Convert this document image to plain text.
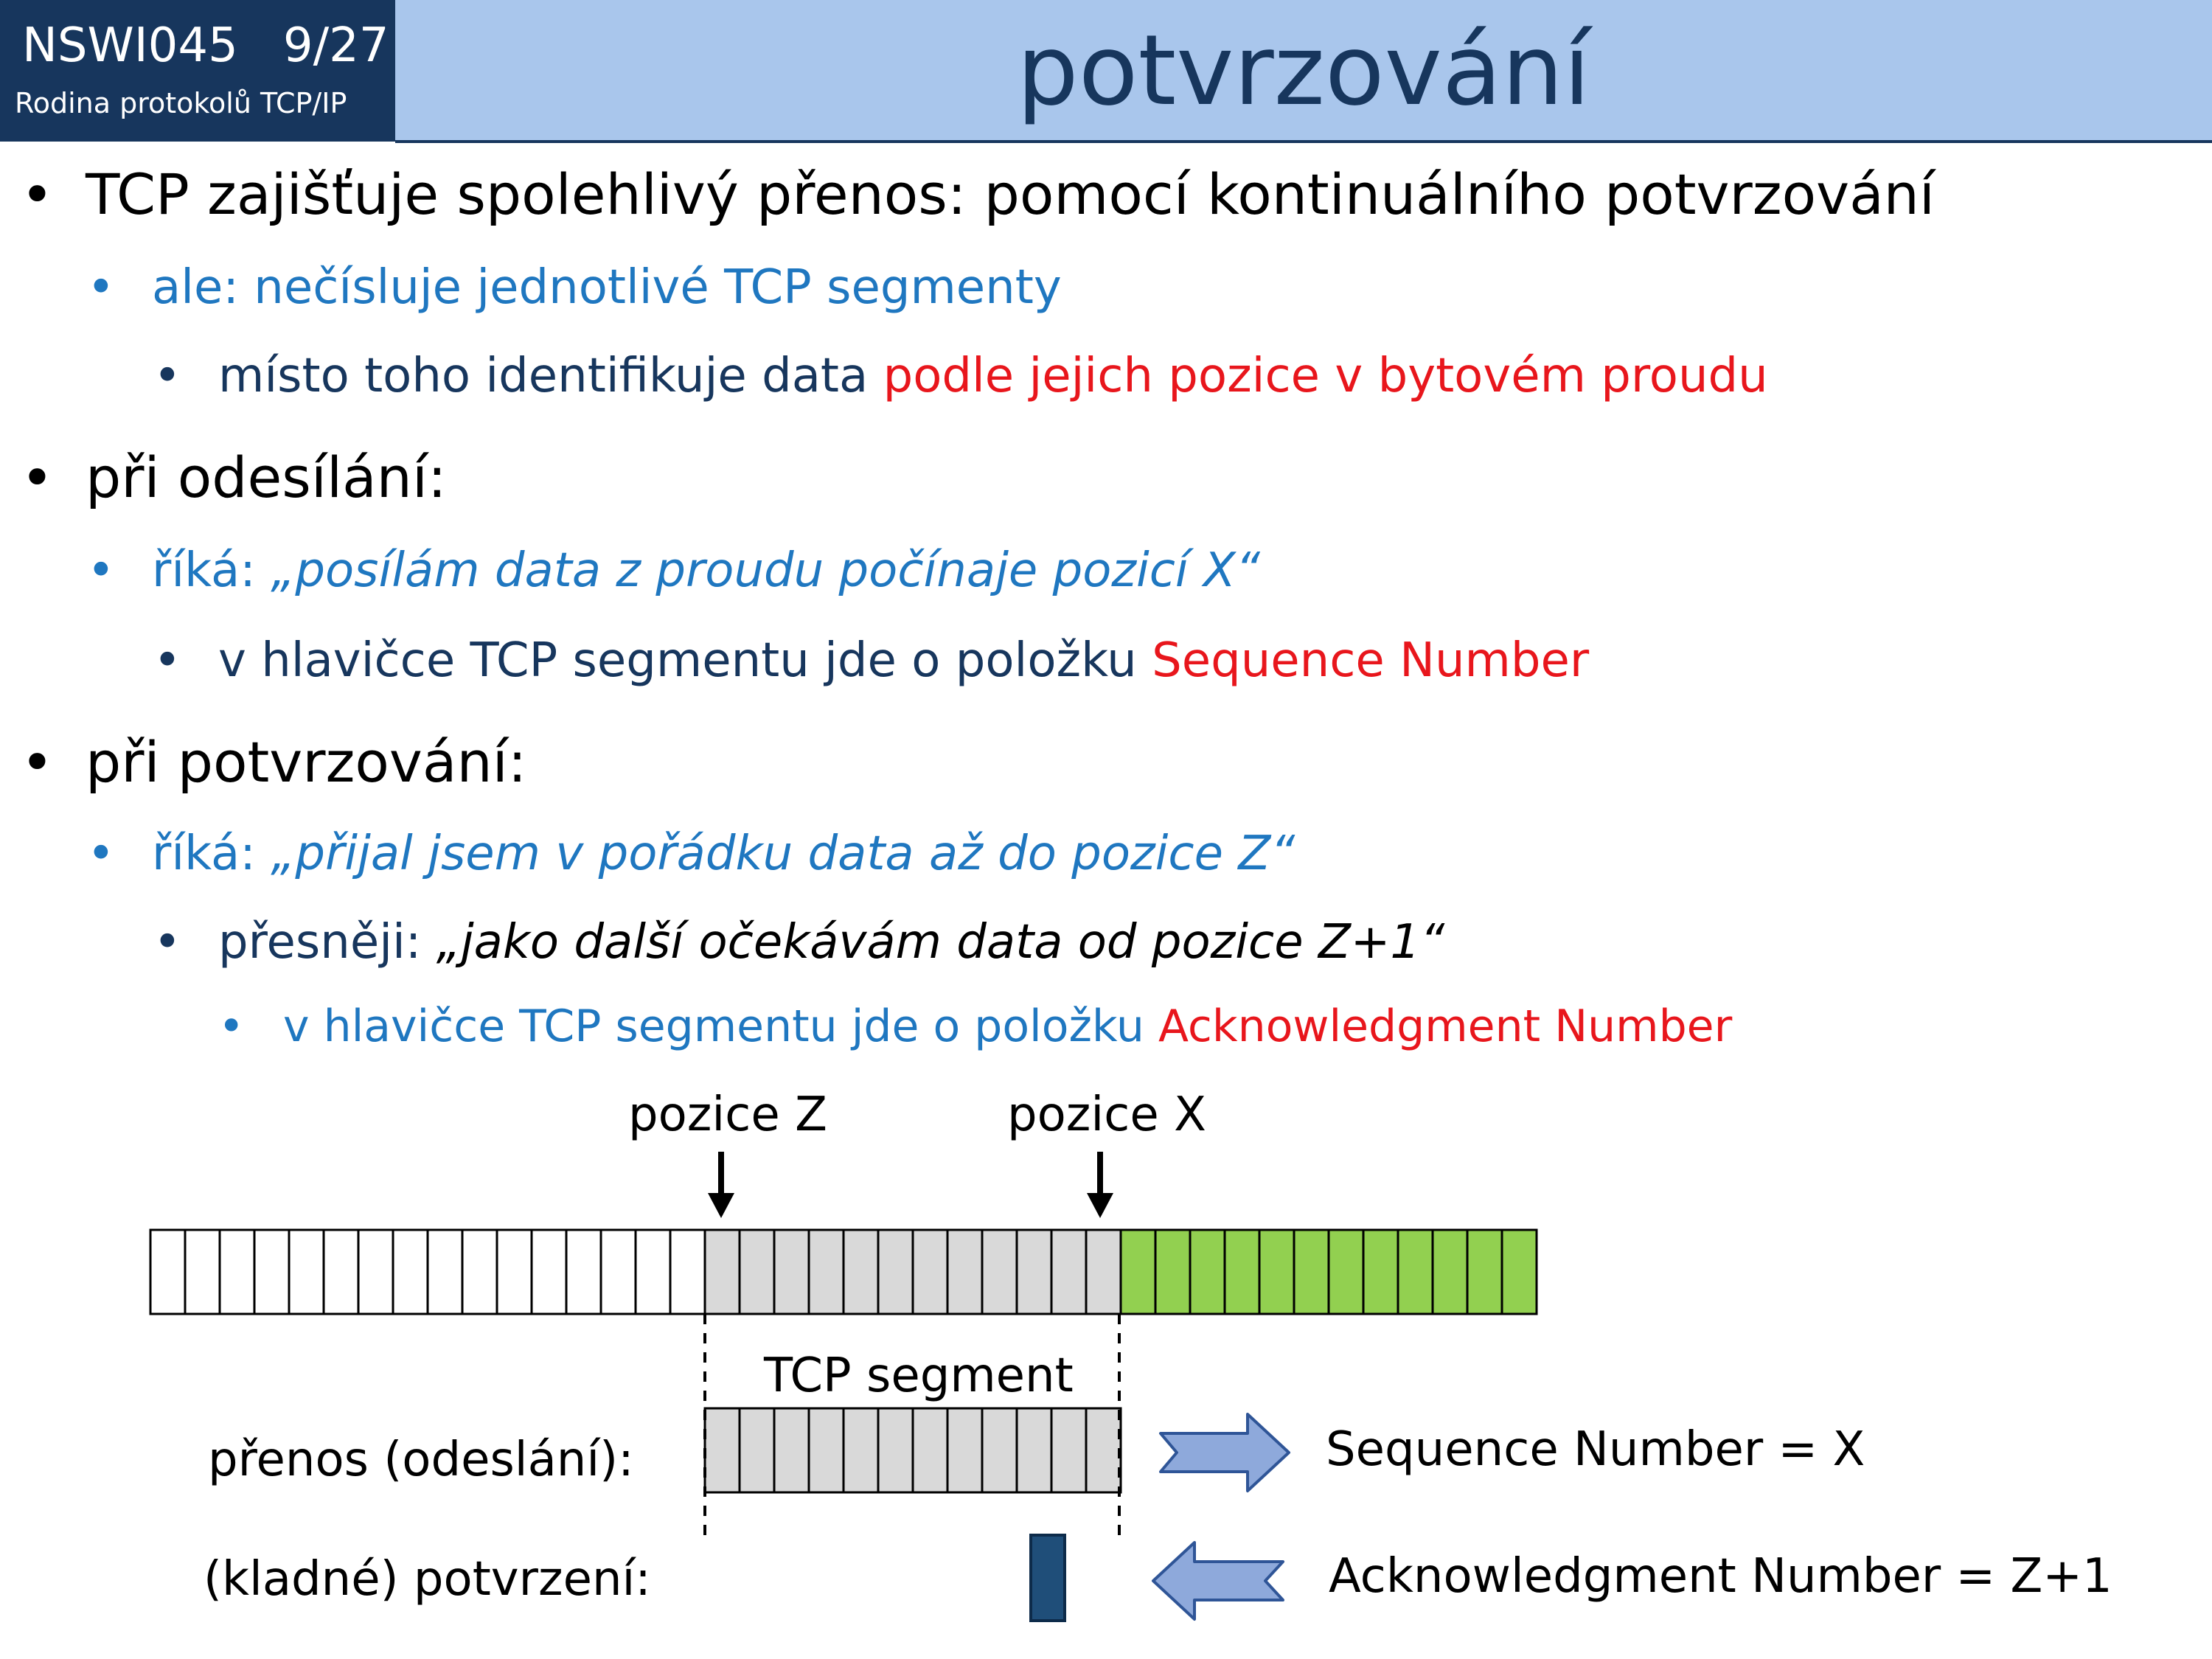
NSWI045   9/27
Rodina protokolů TCP/IP	potvrzování
• TCP zajišťuje spolehlivý přenos: pomocí kontinuálního potvrzování
• ale: nečísluje jednotlivé TCP segmenty
• místo toho identifikuje data podle jejich pozice v bytovém proudu
• při odesílání:
• říká: „posílám data z proudu počínaje pozicí X“
• v hlavičce TCP segmentu jde o položku Sequence Number
• při potvrzování:
• říká: „přijal jsem v pořádku data až do pozice Z“
• přesněji: „jako další očekávám data od pozice Z+1“
• v hlavičce TCP segmentu jde o položku Acknowledgment Number
pozice Z	pozice X
TCP segment
přenos (odeslání):
(kladné) potvrzení:
Sequence Number = X
Acknowledgment Number = Z+1
